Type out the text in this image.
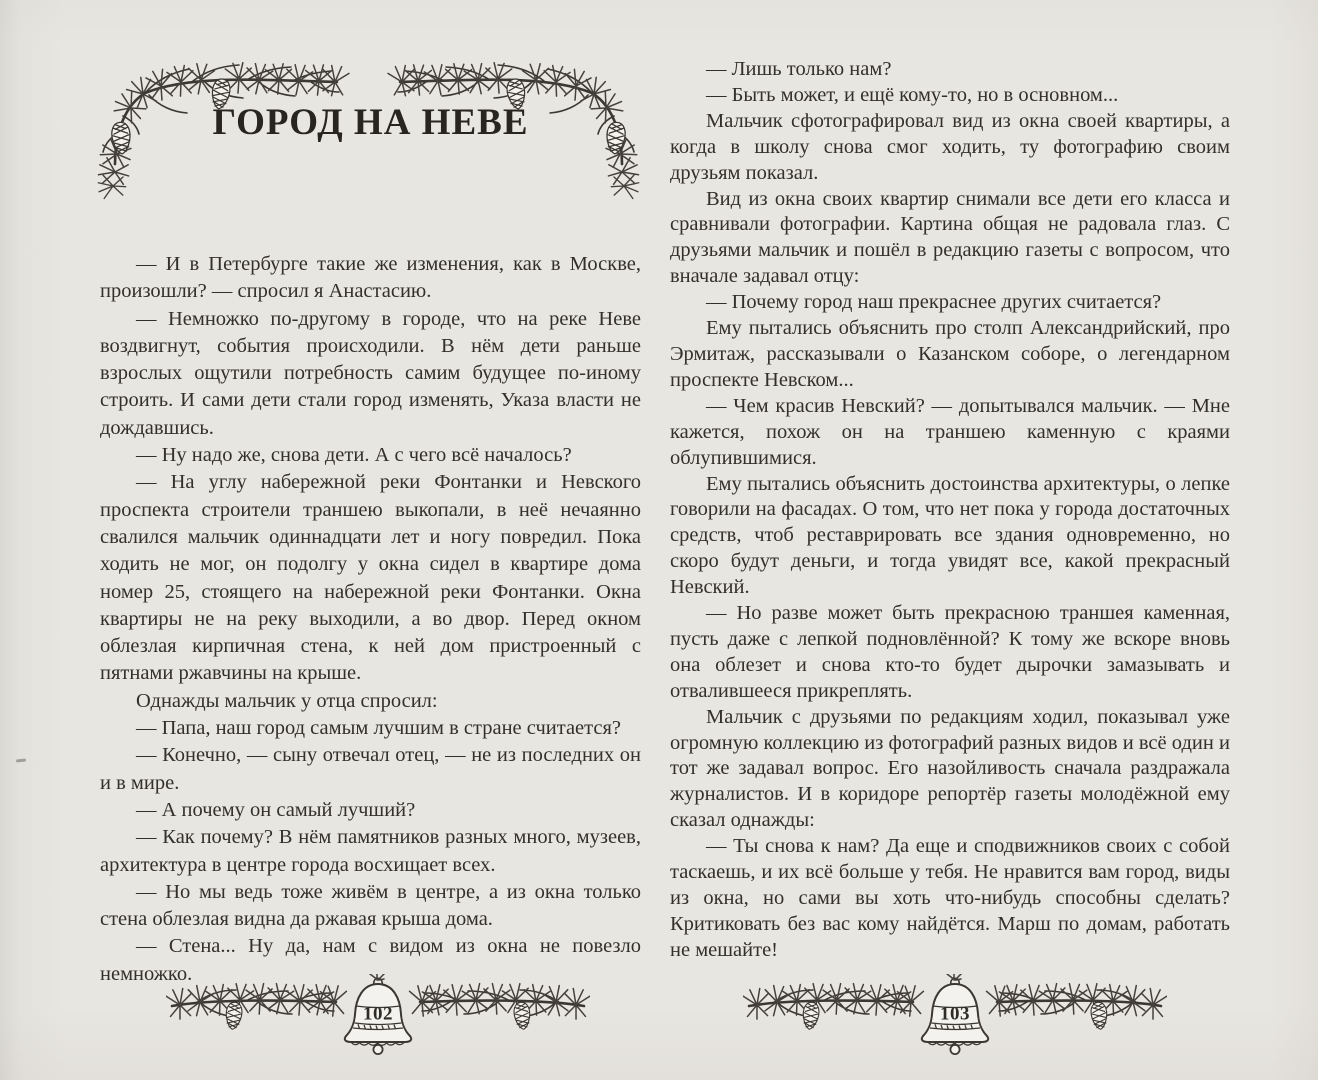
ГОРОД НА НЕВЕ

— И в Петербурге такие же изменения, как в Москве, произошли? — спросил я Анастасию.

— Немножко по-другому в городе, что на реке Неве воздвигнут, события происходили. В нём дети раньше взрослых ощутили потребность самим будущее по-иному строить. И сами дети стали город изменять, Указа власти не дождавшись.

— Ну надо же, снова дети. А с чего всё началось?

— На углу набережной реки Фонтанки и Невского проспекта строители траншею выкопали, в неё нечаянно свалился мальчик одиннадцати лет и ногу повредил. Пока ходить не мог, он подолгу у окна сидел в квартире дома номер 25, стоящего на набережной реки Фонтанки. Окна квартиры не на реку выходили, а во двор. Перед окном облезлая кирпичная стена, к ней дом пристроенный с пятнами ржавчины на крыше.

Однажды мальчик у отца спросил:

— Папа, наш город самым лучшим в стране считается?

— Конечно, — сыну отвечал отец, — не из последних он и в мире.

— А почему он самый лучший?

— Как почему? В нём памятников разных много, музеев, архитектура в центре города восхищает всех.

— Но мы ведь тоже живём в центре, а из окна только стена облезлая видна да ржавая крыша дома.

— Стена... Ну да, нам с видом из окна не повезло немножко.

102

— Лишь только нам?

— Быть может, и ещё кому-то, но в основном...

Мальчик сфотографировал вид из окна своей квартиры, а когда в школу снова смог ходить, ту фотографию своим друзьям показал.

Вид из окна своих квартир снимали все дети его класса и сравнивали фотографии. Картина общая не радовала глаз. С друзьями мальчик и пошёл в редакцию газеты с вопросом, что вначале задавал отцу:

— Почему город наш прекраснее других считается?

Ему пытались объяснить про столп Александрийский, про Эрмитаж, рассказывали о Казанском соборе, о легендарном проспекте Невском...

— Чем красив Невский? — допытывался мальчик. — Мне кажется, похож он на траншею каменную с краями облупившимися.

Ему пытались объяснить достоинства архитектуры, о лепке говорили на фасадах. О том, что нет пока у города достаточных средств, чтоб реставрировать все здания одновременно, но скоро будут деньги, и тогда увидят все, какой прекрасный Невский.

— Но разве может быть прекрасною траншея каменная, пусть даже с лепкой подновлённой? К тому же вскоре вновь она облезет и снова кто-то будет дырочки замазывать и отвалившееся прикреплять.

Мальчик с друзьями по редакциям ходил, показывал уже огромную коллекцию из фотографий разных видов и всё один и тот же задавал вопрос. Его назойливость сначала раздражала журналистов. И в коридоре репортёр газеты молодёжной ему сказал однажды:

— Ты снова к нам? Да еще и сподвижников своих с собой таскаешь, и их всё больше у тебя. Не нравится вам город, виды из окна, но сами вы хоть что-нибудь способны сделать? Критиковать без вас кому найдётся. Марш по домам, работать не мешайте!

103
